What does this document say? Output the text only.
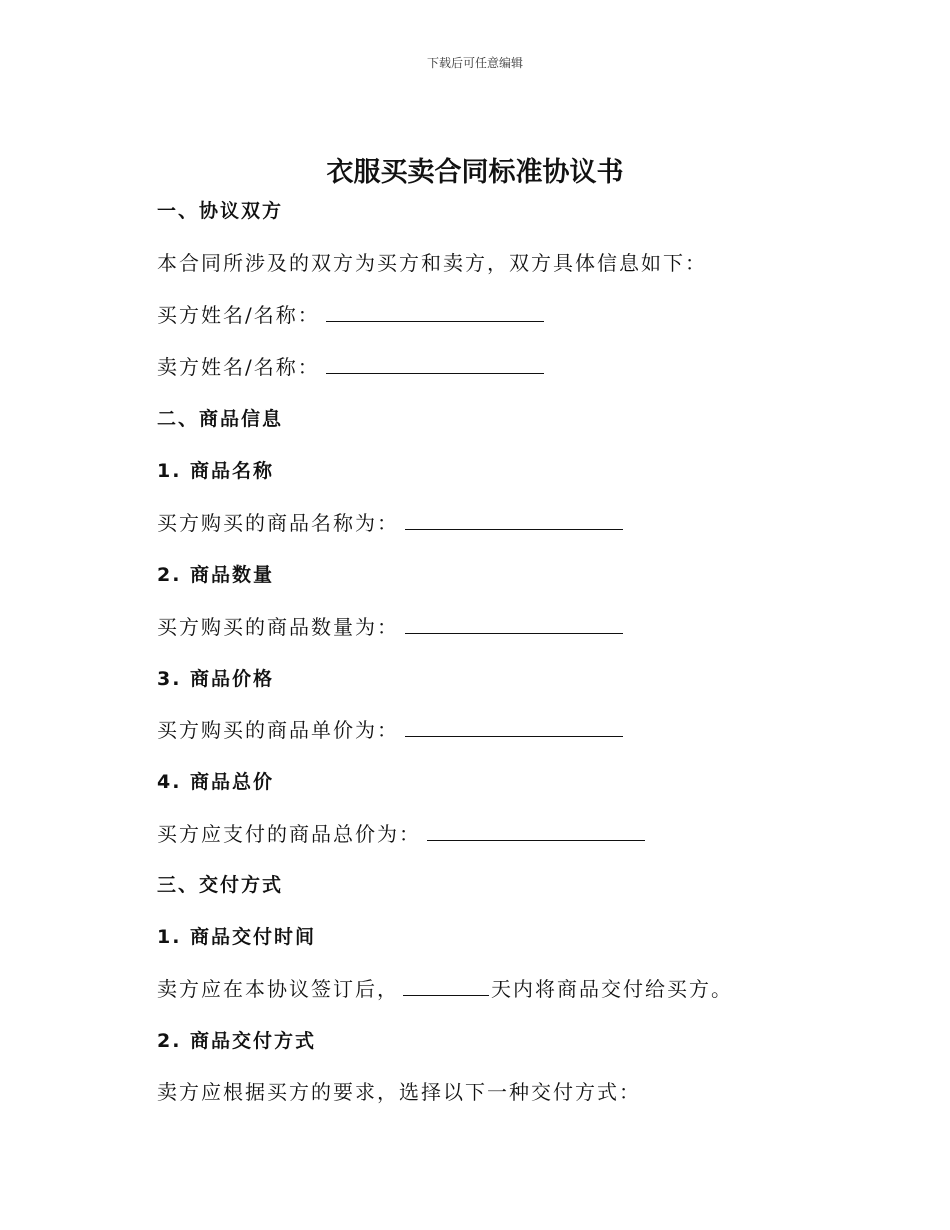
下载后可任意编辑
衣服买卖合同标准协议书
一、协议双方
本合同所涉及的双方为买方和卖方，双方具体信息如下：
买方姓名/名称：
卖方姓名/名称：
二、商品信息
1. 商品名称
买方购买的商品名称为：
2. 商品数量
买方购买的商品数量为：
3. 商品价格
买方购买的商品单价为：
4. 商品总价
买方应支付的商品总价为：
三、交付方式
1. 商品交付时间
卖方应在本协议签订后，	天内将商品交付给买方。
2. 商品交付方式
卖方应根据买方的要求，选择以下一种交付方式：
